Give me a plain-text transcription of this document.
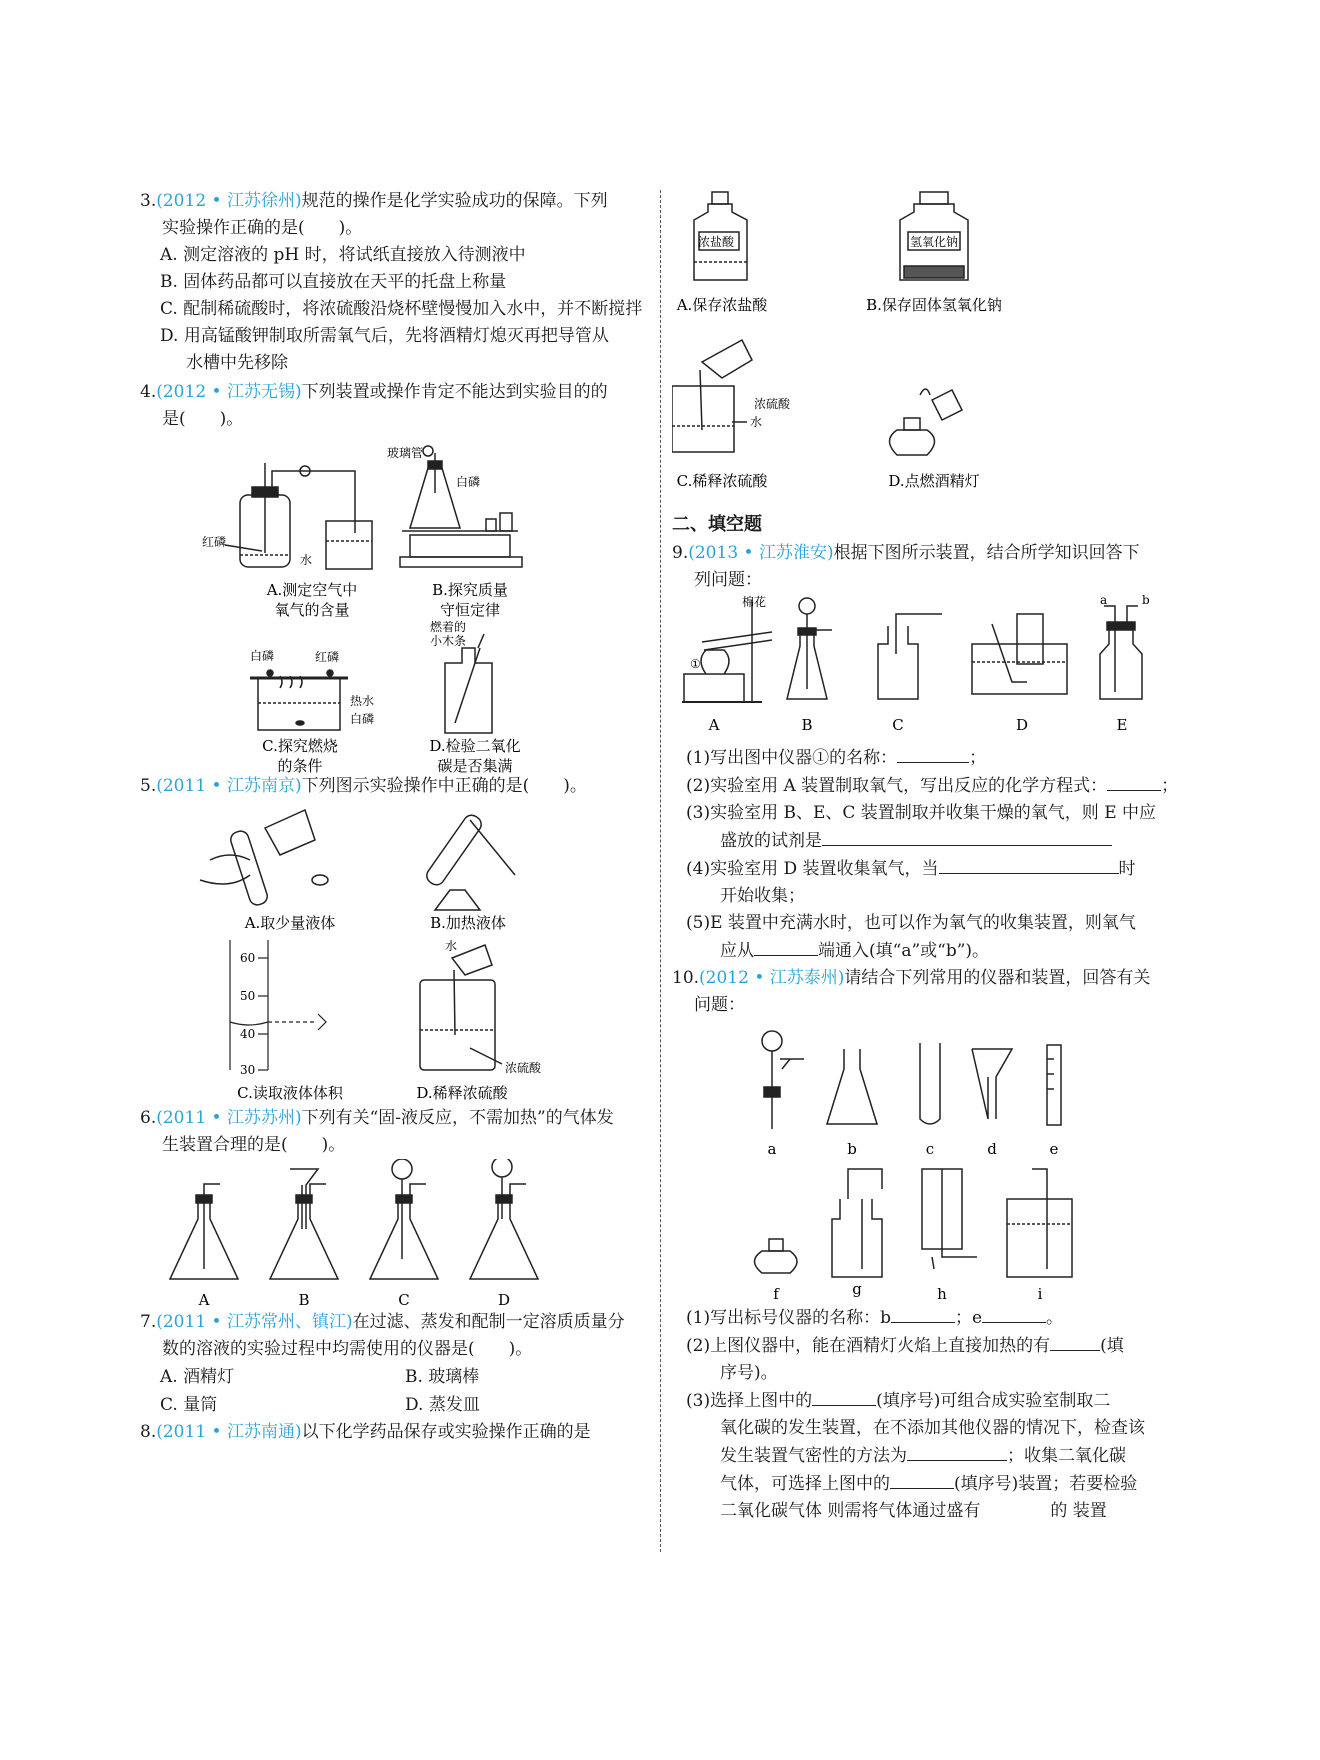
3.(2012 • 江苏徐州)规范的操作是化学实验成功的保障。下列
实验操作正确的是(　　)。
A. 测定溶液的 pH 时，将试纸直接放入待测液中
B. 固体药品都可以直接放在天平的托盘上称量
C. 配制稀硫酸时，将浓硫酸沿烧杯壁慢慢加入水中，并不断搅拌
D. 用高锰酸钾制取所需氧气后，先将酒精灯熄灭再把导管从
水槽中先移除
4.(2012 • 江苏无锡)下列装置或操作肯定不能达到实验目的的
是(　　)。
红磷
水
A.测定空气中
氧气的含量
玻璃管
白磷
B.探究质量
守恒定律
白磷	红磷
热水
白磷
C.探究燃烧
的条件
燃着的
小木条
D.检验二氧化
碳是否集满
5.(2011 • 江苏南京)下列图示实验操作中正确的是(　　)。
A.取少量液体	B.加热液体
60
50
40
30
C.读取液体体积
水
浓硫酸
D.稀释浓硫酸
6.(2011 • 江苏苏州)下列有关“固-液反应，不需加热”的气体发
生装置合理的是(　　)。
A	B	C	D
7.(2011 • 江苏常州、镇江)在过滤、蒸发和配制一定溶质质量分
数的溶液的实验过程中均需使用的仪器是(　　)。
A. 酒精灯	B. 玻璃棒
C. 量筒	D. 蒸发皿
8.(2011 • 江苏南通)以下化学药品保存或实验操作正确的是
浓盐酸	氢氧化钠
A.保存浓盐酸	B.保存固体氢氧化钠
浓硫酸
水
C.稀释浓硫酸	D.点燃酒精灯
二、填空题
9.(2013 • 江苏淮安)根据下图所示装置，结合所学知识回答下
列问题：
棉花
①
a	b
A	B	C	D	E
(1)写出图中仪器①的名称：	；
(2)实验室用 A 装置制取氧气，写出反应的化学方程式：	；
(3)实验室用 B、E、C 装置制取并收集干燥的氧气，则 E 中应
盛放的试剂是
(4)实验室用 D 装置收集氧气，当	时
开始收集；
(5)E 装置中充满水时，也可以作为氧气的收集装置，则氧气
应从	端通入(填“a”或“b”)。
10.(2012 • 江苏泰州)请结合下列常用的仪器和装置，回答有关
问题：
a	b	c	d	e
f	g	h	i
(1)写出标号仪器的名称：b	；e	。
(2)上图仪器中，能在酒精灯火焰上直接加热的有	(填
序号)。
(3)选择上图中的	(填序号)可组合成实验室制取二
氧化碳的发生装置，在不添加其他仪器的情况下，检查该
发生装置气密性的方法为	；收集二氧化碳
气体，可选择上图中的	(填序号)装置；若要检验
二氧化碳气体 则需将气体通过盛有	的 装置
